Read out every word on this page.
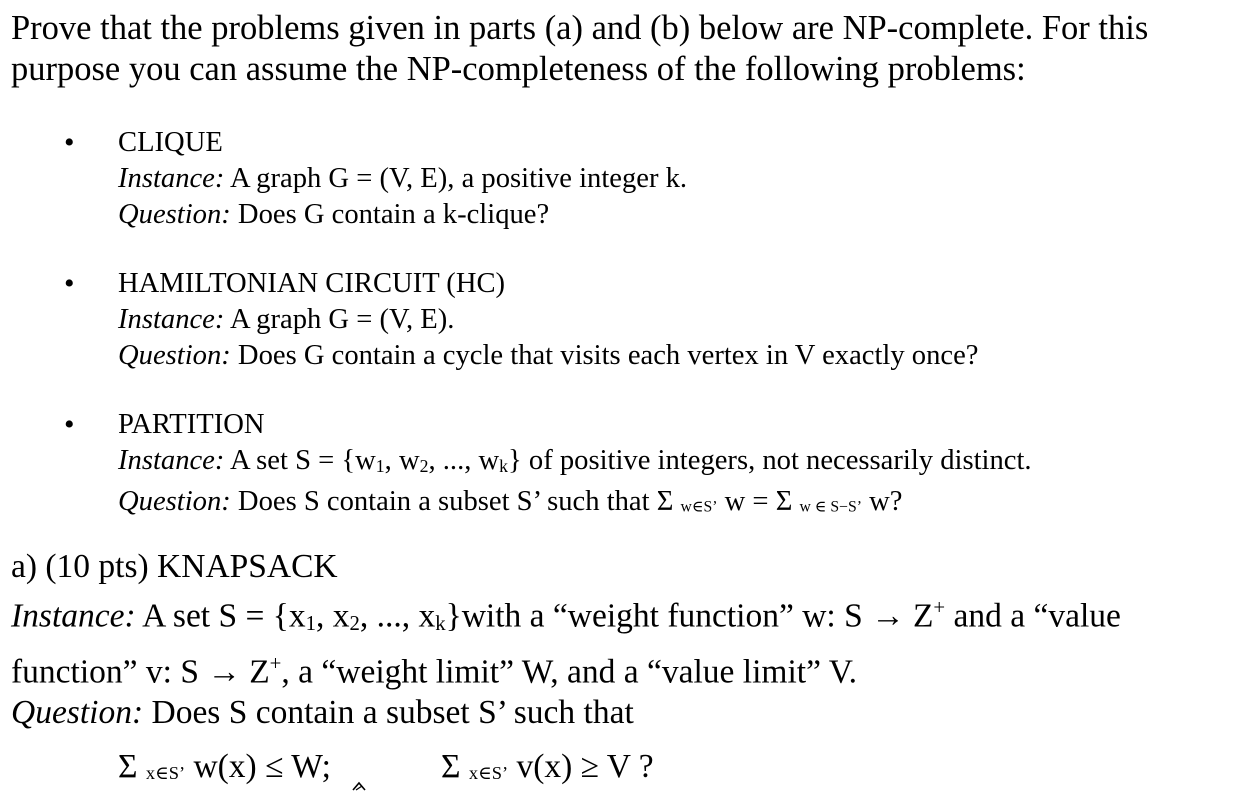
Prove that the problems given in parts (a) and (b) below are NP-complete. For this
purpose you can assume the NP-completeness of the following problems:
• CLIQUE
Instance: A graph G = (V, E), a positive integer k.
Question: Does G contain a k-clique?
• HAMILTONIAN CIRCUIT (HC)
Instance: A graph G = (V, E).
Question: Does G contain a cycle that visits each vertex in V exactly once?
• PARTITION
Instance: A set S = {w1, w2, ..., wk} of positive integers, not necessarily distinct.
Question: Does S contain a subset S’ such that Σ w∈S’ w = Σ w ∈ S−S’ w?
a) (10 pts) KNAPSACK
Instance: A set S = {x1, x2, ..., xk}with a “weight function” w: S → Z+ and a “value
function” v: S → Z+, a “weight limit” W, and a “value limit” V.
Question: Does S contain a subset S’ such that
Σ x∈S’ w(x) ≤ W;	Σ x∈S’ v(x) ≥ V ?
